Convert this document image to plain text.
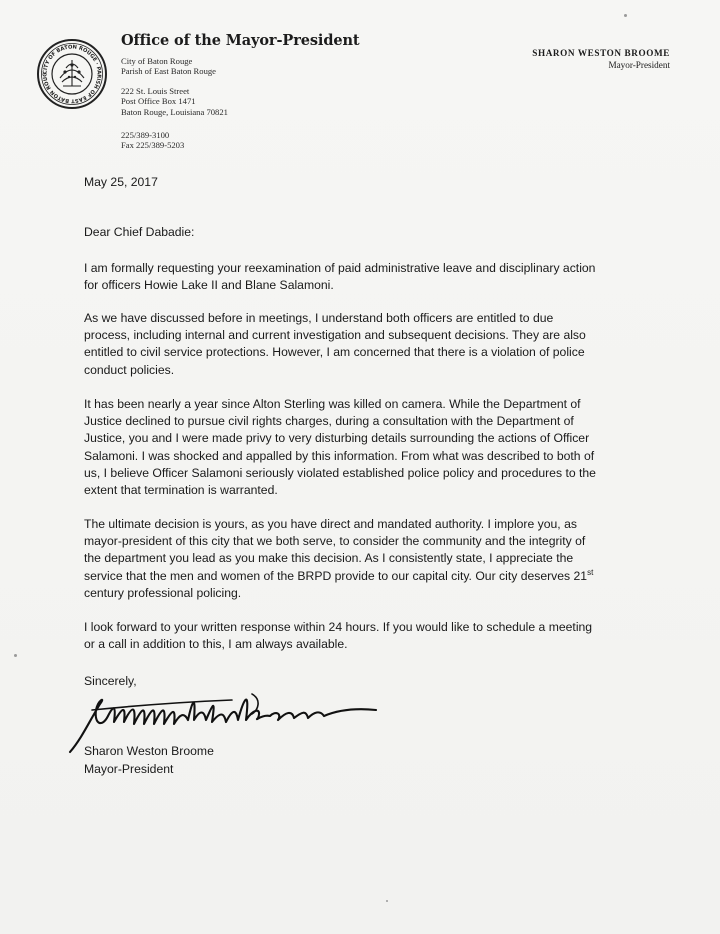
CITY OF BATON ROUGE · PARISH OF EAST BATON ROUG
Office of the Mayor-President
City of Baton Rouge
Parish of East Baton Rouge
222 St. Louis Street
Post Office Box 1471
Baton Rouge, Louisiana 70821
225/389-3100
Fax 225/389-5203
SHARON WESTON BROOME
Mayor-President
May 25, 2017
Dear Chief Dabadie:

I am formally requesting your reexamination of paid administrative leave and disciplinary action
for officers Howie Lake II and Blane Salamoni.

As we have discussed before in meetings, I understand both officers are entitled to due
process, including internal and current investigation and subsequent decisions. They are also
entitled to civil service protections. However, I am concerned that there is a violation of police
conduct policies.

It has been nearly a year since Alton Sterling was killed on camera. While the Department of
Justice declined to pursue civil rights charges, during a consultation with the Department of
Justice, you and I were made privy to very disturbing details surrounding the actions of Officer
Salamoni. I was shocked and appalled by this information. From what was described to both of
us, I believe Officer Salamoni seriously violated established police policy and procedures to the
extent that termination is warranted.

The ultimate decision is yours, as you have direct and mandated authority. I implore you, as
mayor-president of this city that we both serve, to consider the community and the integrity of
the department you lead as you make this decision. As I consistently state, I appreciate the
service that the men and women of the BRPD provide to our capital city. Our city deserves 21st
century professional policing.

I look forward to your written response within 24 hours. If you would like to schedule a meeting
or a call in addition to this, I am always available.

Sincerely,
Sharon Weston Broome
Mayor-President
